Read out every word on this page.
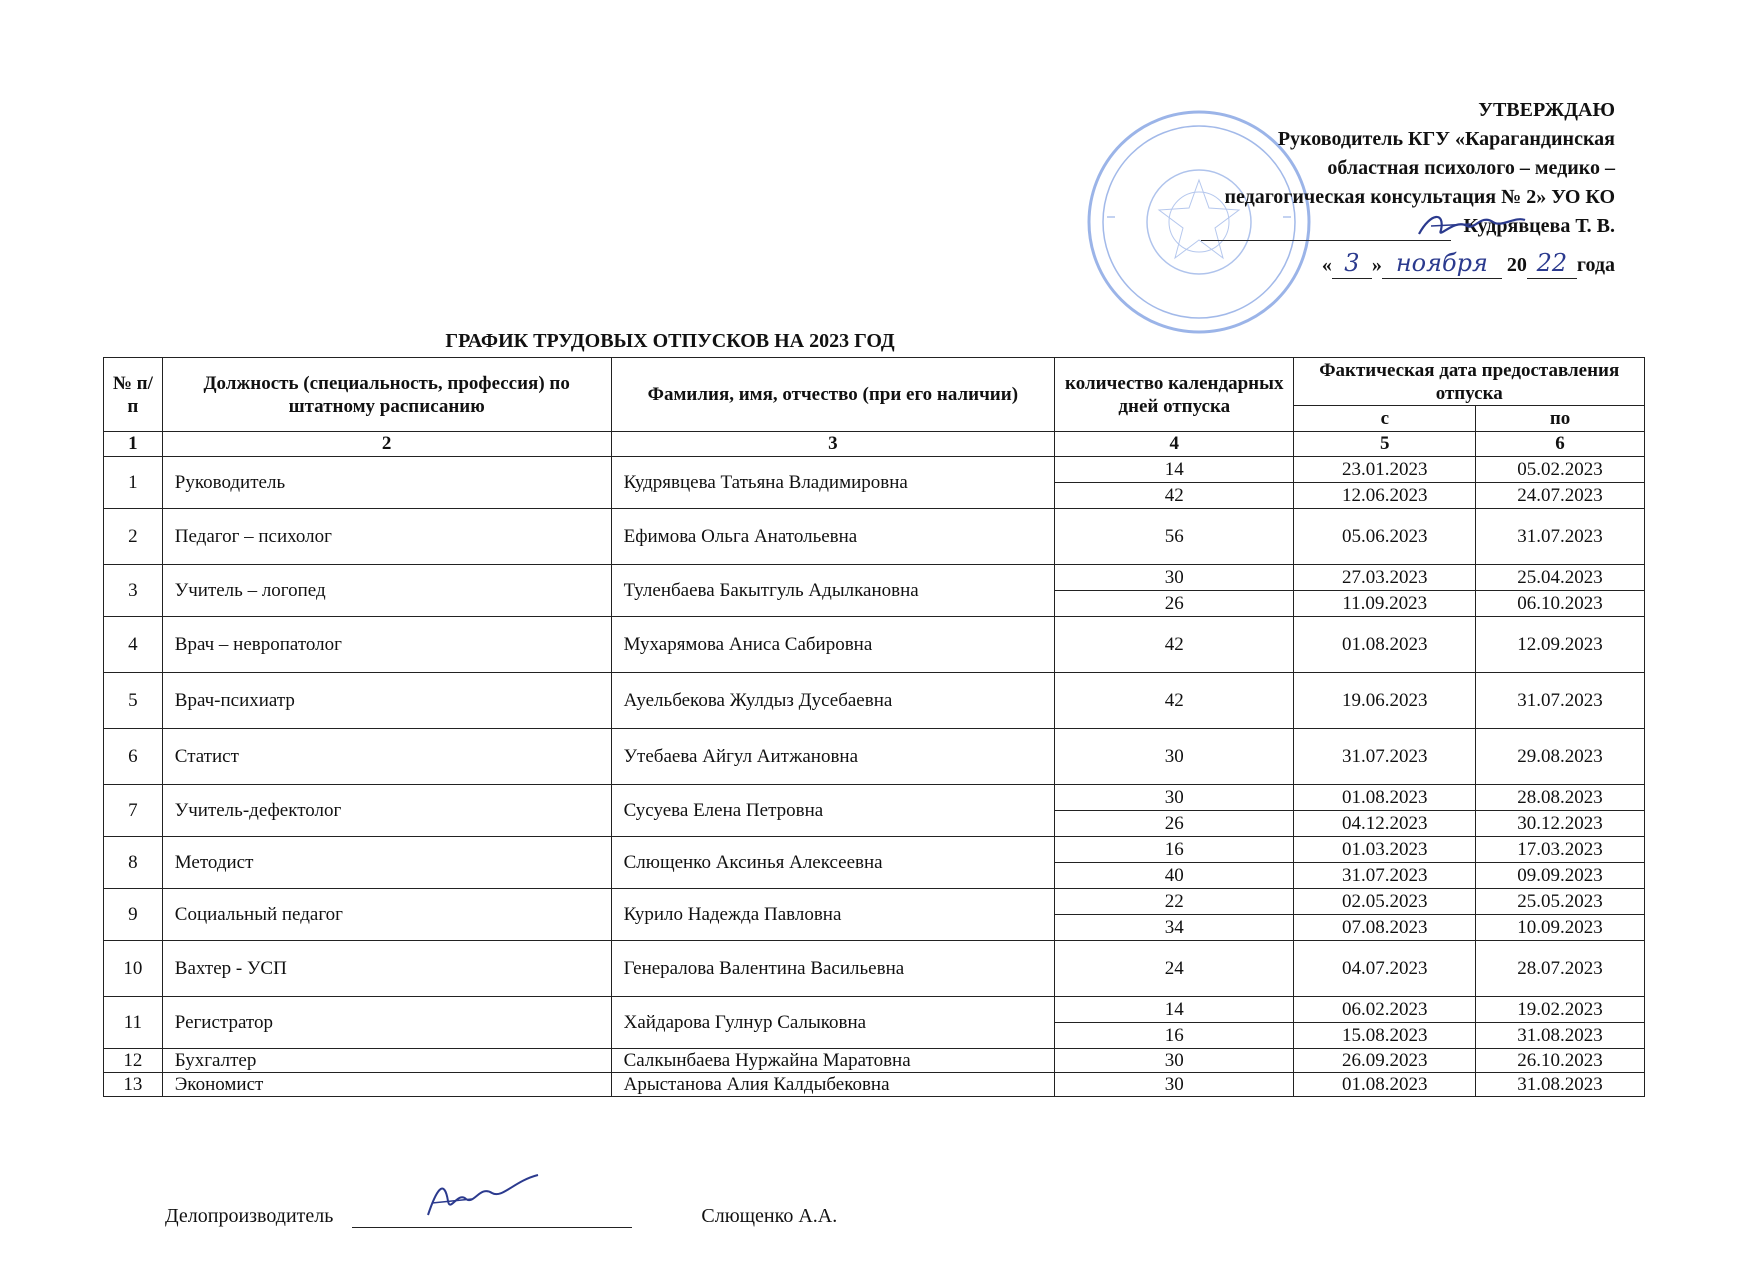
УТВЕРЖДАЮ
Руководитель КГУ «Карагандинская
областная психолого – медико –
педагогическая консультация № 2» УО КО
Кудрявцева Т. В.
« 3 » ноября 20 22 года
ГРАФИК ТРУДОВЫХ ОТПУСКОВ НА 2023 ГОД
№ п/п	Должность (специальность, профессия) по штатному расписанию	Фамилия, имя, отчество (при его наличии)	количество календарных дней отпуска	Фактическая дата предоставления отпуска	
				с	по
1	2	3	4	5	6
1	Руководитель	Кудрявцева Татьяна Владимировна	14	23.01.2023	05.02.2023
			42	12.06.2023	24.07.2023
2	Педагог – психолог	Ефимова Ольга Анатольевна	56	05.06.2023	31.07.2023
3	Учитель – логопед	Туленбаева Бакытгуль Адылкановна	30	27.03.2023	25.04.2023
			26	11.09.2023	06.10.2023
4	Врач – невропатолог	Мухарямова Аниса Сабировна	42	01.08.2023	12.09.2023
5	Врач-психиатр	Ауельбекова Жулдыз Дусебаевна	42	19.06.2023	31.07.2023
6	Статист	Утебаева Айгул Аитжановна	30	31.07.2023	29.08.2023
7	Учитель-дефектолог	Сусуева Елена Петровна	30	01.08.2023	28.08.2023
			26	04.12.2023	30.12.2023
8	Методист	Слющенко Аксинья Алексеевна	16	01.03.2023	17.03.2023
			40	31.07.2023	09.09.2023
9	Социальный педагог	Курило Надежда Павловна	22	02.05.2023	25.05.2023
			34	07.08.2023	10.09.2023
10	Вахтер - УСП	Генералова Валентина Васильевна	24	04.07.2023	28.07.2023
11	Регистратор	Хайдарова Гулнур Салыковна	14	06.02.2023	19.02.2023
			16	15.08.2023	31.08.2023
12	Бухгалтер	Салкынбаева Нуржайна Маратовна	30	26.09.2023	26.10.2023
13	Экономист	Арыстанова Алия Калдыбековна	30	01.08.2023	31.08.2023
Делопроизводитель	Слющенко А.А.
